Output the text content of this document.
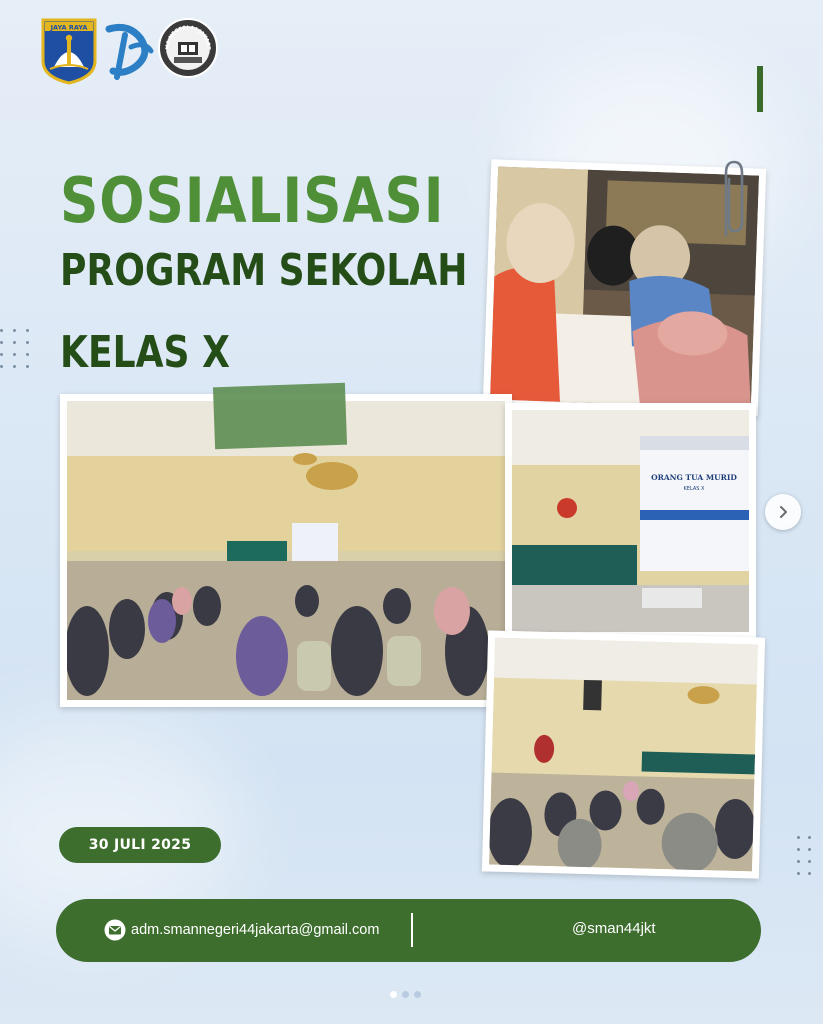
JAYA RAYA
MA NEGERI 44 JAKART
SOSIALISASI
PROGRAM SEKOLAH
KELAS X
ORANG TUA MURID
KELAS X
30 JULI 2025
adm.smannegeri44jakarta@gmail.com	@sman44jkt
